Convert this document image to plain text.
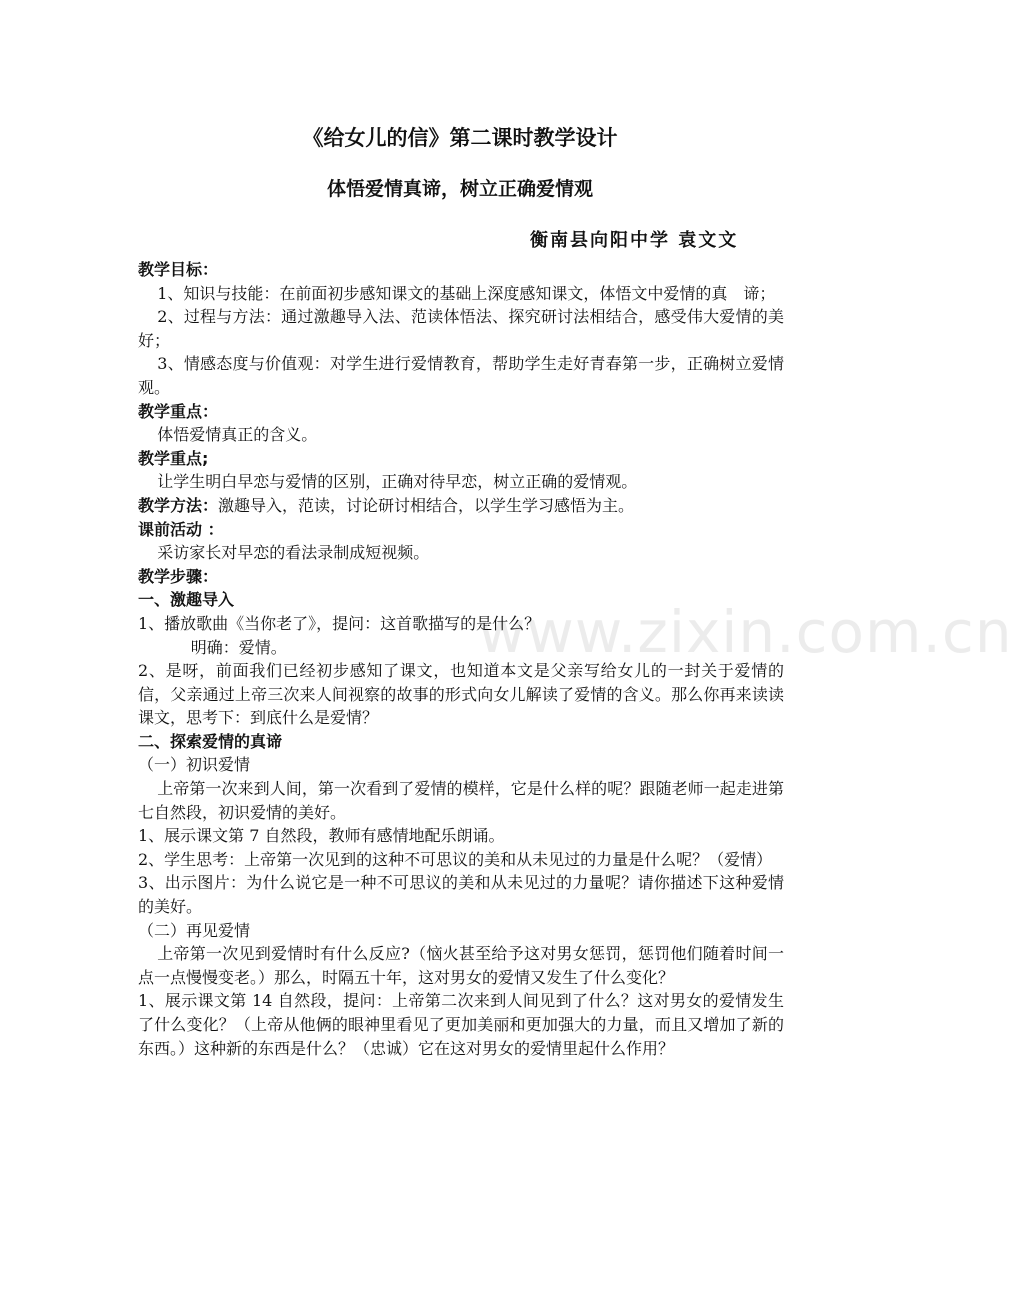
www.zixin.com.cn
《给女儿的信》第二课时教学设计
体悟爱情真谛，树立正确爱情观
衡南县向阳中学 袁文文

教学目标：

1、知识与技能：在前面初步感知课文的基础上深度感知课文，体悟文中爱情的真　谛；

2、过程与方法：通过激趣导入法、范读体悟法、探究研讨法相结合，感受伟大爱情的美好；

3、情感态度与价值观：对学生进行爱情教育，帮助学生走好青春第一步，正确树立爱情观。

教学重点：

体悟爱情真正的含义。

教学重点;

让学生明白早恋与爱情的区别，正确对待早恋，树立正确的爱情观。

教学方法：激趣导入，范读，讨论研讨相结合，以学生学习感悟为主。

课前活动 ：

采访家长对早恋的看法录制成短视频。

教学步骤：

一、激趣导入

1、播放歌曲《当你老了》，提问：这首歌描写的是什么？

明确：爱情。

2、是呀，前面我们已经初步感知了课文，也知道本文是父亲写给女儿的一封关于爱情的信，父亲通过上帝三次来人间视察的故事的形式向女儿解读了爱情的含义。那么你再来读读课文，思考下：到底什么是爱情？

二、探索爱情的真谛

（一）初识爱情

上帝第一次来到人间，第一次看到了爱情的模样，它是什么样的呢？跟随老师一起走进第七自然段，初识爱情的美好。

1、展示课文第 7 自然段，教师有感情地配乐朗诵。

2、学生思考：上帝第一次见到的这种不可思议的美和从未见过的力量是什么呢？（爱情）

3、出示图片：为什么说它是一种不可思议的美和从未见过的力量呢？请你描述下这种爱情的美好。

（二）再见爱情

上帝第一次见到爱情时有什么反应?（恼火甚至给予这对男女惩罚，惩罚他们随着时间一点一点慢慢变老。）那么，时隔五十年，这对男女的爱情又发生了什么变化？

1、展示课文第 14 自然段，提问：上帝第二次来到人间见到了什么？这对男女的爱情发生了什么变化？（上帝从他俩的眼神里看见了更加美丽和更加强大的力量，而且又增加了新的东西。）这种新的东西是什么？（忠诚）它在这对男女的爱情里起什么作用？
